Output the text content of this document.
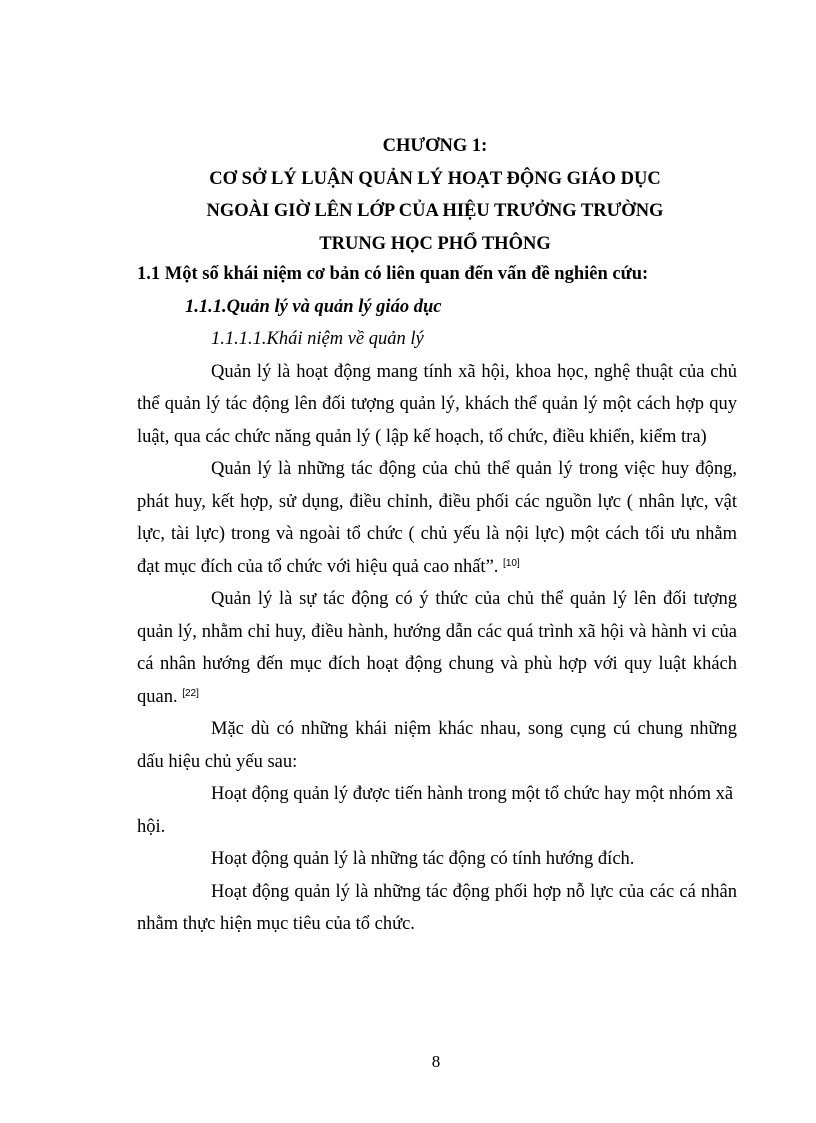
CHƯƠNG 1:
CƠ SỞ LÝ LUẬN QUẢN LÝ HOẠT ĐỘNG GIÁO DỤC
NGOÀI GIỜ LÊN LỚP CỦA HIỆU TRƯỞNG TRƯỜNG
TRUNG HỌC PHỔ THÔNG
1.1 Một số khái niệm cơ bản có liên quan đến vấn đề nghiên cứu:
1.1.1.Quản lý và quản lý giáo dục
1.1.1.1.Khái niệm về quản lý

Quản lý là hoạt động mang tính xã hội, khoa học, nghệ thuật của chủ thể quản lý tác động lên đối tượng quản lý, khách thể quản lý một cách hợp quy luật, qua các chức năng quản lý ( lập kế hoạch, tổ chức, điều khiển, kiểm tra)

Quản lý là những tác động của chủ thể quản lý trong việc huy động, phát huy, kết hợp, sử dụng, điều chỉnh, điều phối các nguồn lực ( nhân lực, vật lực, tài lực) trong và ngoài tổ chức ( chủ yếu là nội lực) một cách tối ưu nhằm đạt mục đích của tổ chức với hiệu quả cao nhất”. [10]

Quản lý là sự tác động có ý thức của chủ thể quản lý lên đối tượng quản lý, nhằm chỉ huy, điều hành, hướng dẫn các quá trình xã hội và hành vi của cá nhân hướng đến mục đích hoạt động chung và phù hợp với quy luật khách quan. [22]

Mặc dù có những khái niệm khác nhau, song cụng cú chung những dấu hiệu chủ yếu sau:

Hoạt động quản lý được tiến hành trong một tổ chức hay một nhóm xã hội.

Hoạt động quản lý là những tác động có tính hướng đích.

Hoạt động quản lý là những tác động phối hợp nỗ lực của các cá nhân nhằm thực hiện mục tiêu của tổ chức.

8
